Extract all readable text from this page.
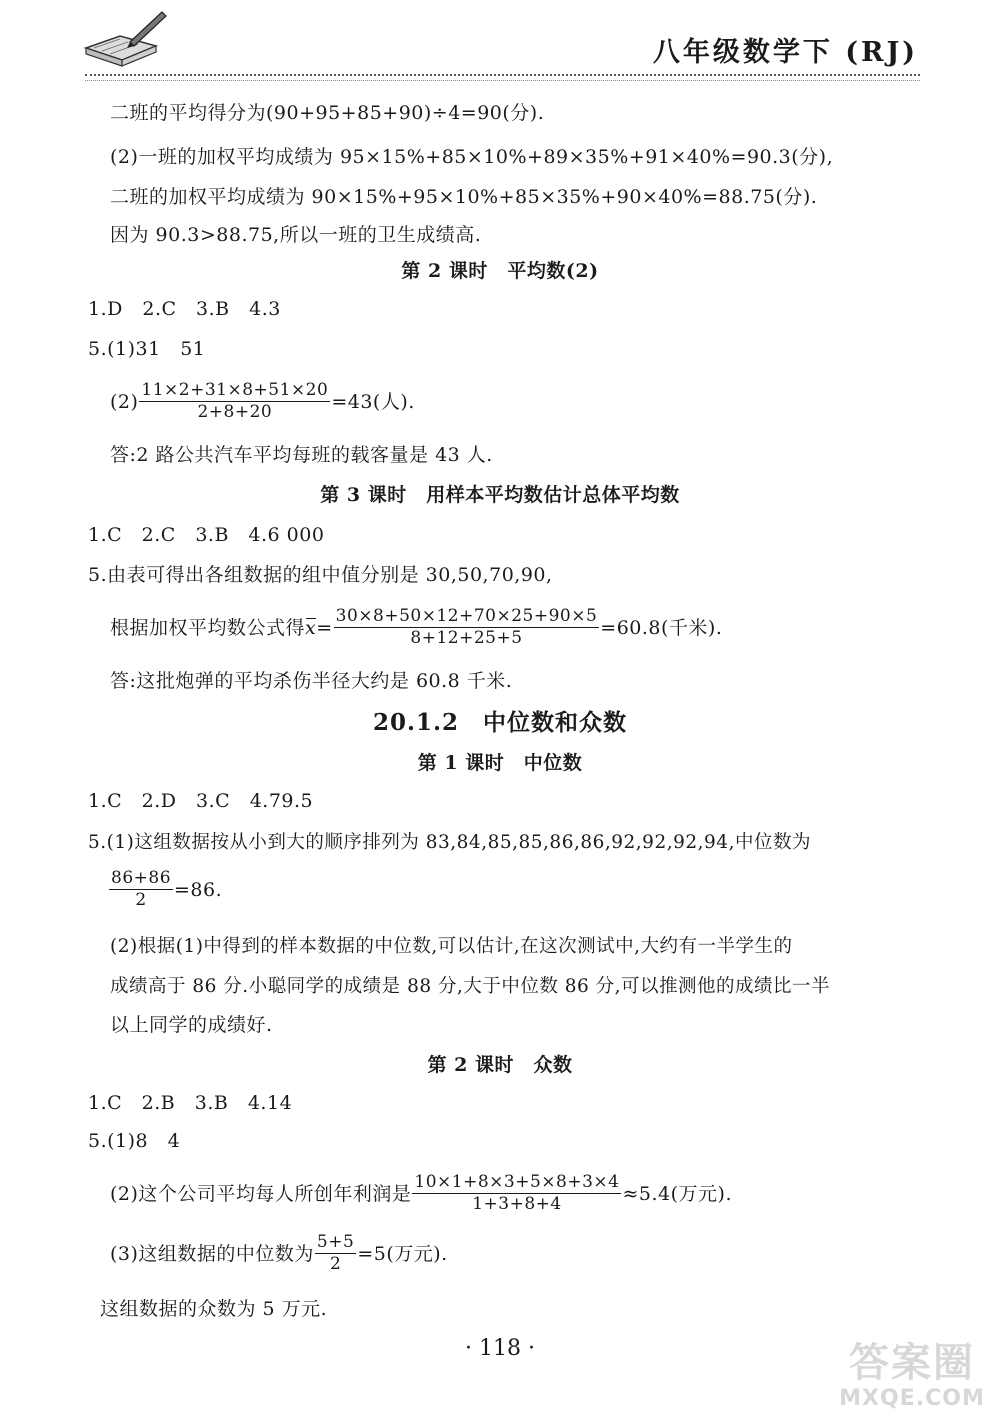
八年级数学下 (RJ)
二班的平均得分为(90+95+85+90)÷4=90(分).
(2)一班的加权平均成绩为 95×15%+85×10%+89×35%+91×40%=90.3(分),
二班的加权平均成绩为 90×15%+95×10%+85×35%+90×40%=88.75(分).
因为 90.3>88.75,所以一班的卫生成绩高.
第 2 课时　平均数(2)
1.D　2.C　3.B　4.3
5.(1)31　51
$(2) \frac{11\times 2+31\times 8+51\times 20}{2+8+20} =43$(人).
答:2 路公共汽车平均每班的载客量是 43 人.
第 3 课时　用样本平均数估计总体平均数
1.C　2.C　3.B　4.6 000
5.由表可得出各组数据的组中值分别是 30,50,70,90,
根据加权平均数公式得 $x = \frac{30\times 8+50\times 12+70\times 25+90\times 5}{8+12+25+5} =60.8$(千米).
答:这批炮弹的平均杀伤半径大约是 60.8 千米.
20.1.2　中位数和众数
第 1 课时　中位数
1.C　2.D　3.C　4.79.5
5.(1)这组数据按从小到大的顺序排列为 83,84,85,85,86,86,92,92,92,94,中位数为
$\frac{86+86}{2} =86$.
(2)根据(1)中得到的样本数据的中位数,可以估计,在这次测试中,大约有一半学生的
成绩高于 86 分.小聪同学的成绩是 88 分,大于中位数 86 分,可以推测他的成绩比一半
以上同学的成绩好.
第 2 课时　众数
1.C　2.B　3.B　4.14
5.(1)8　4
(2)这个公司平均每人所创年利润是 $\frac{10\times 1+8\times 3+5\times 8+3\times 4}{1+3+8+4} \approx 5.4$(万元).
(3)这组数据的中位数为 $\frac{5+5}{2} =5$(万元).
这组数据的众数为 5 万元.
· 118 ·	答案圈
MXQE.COM
